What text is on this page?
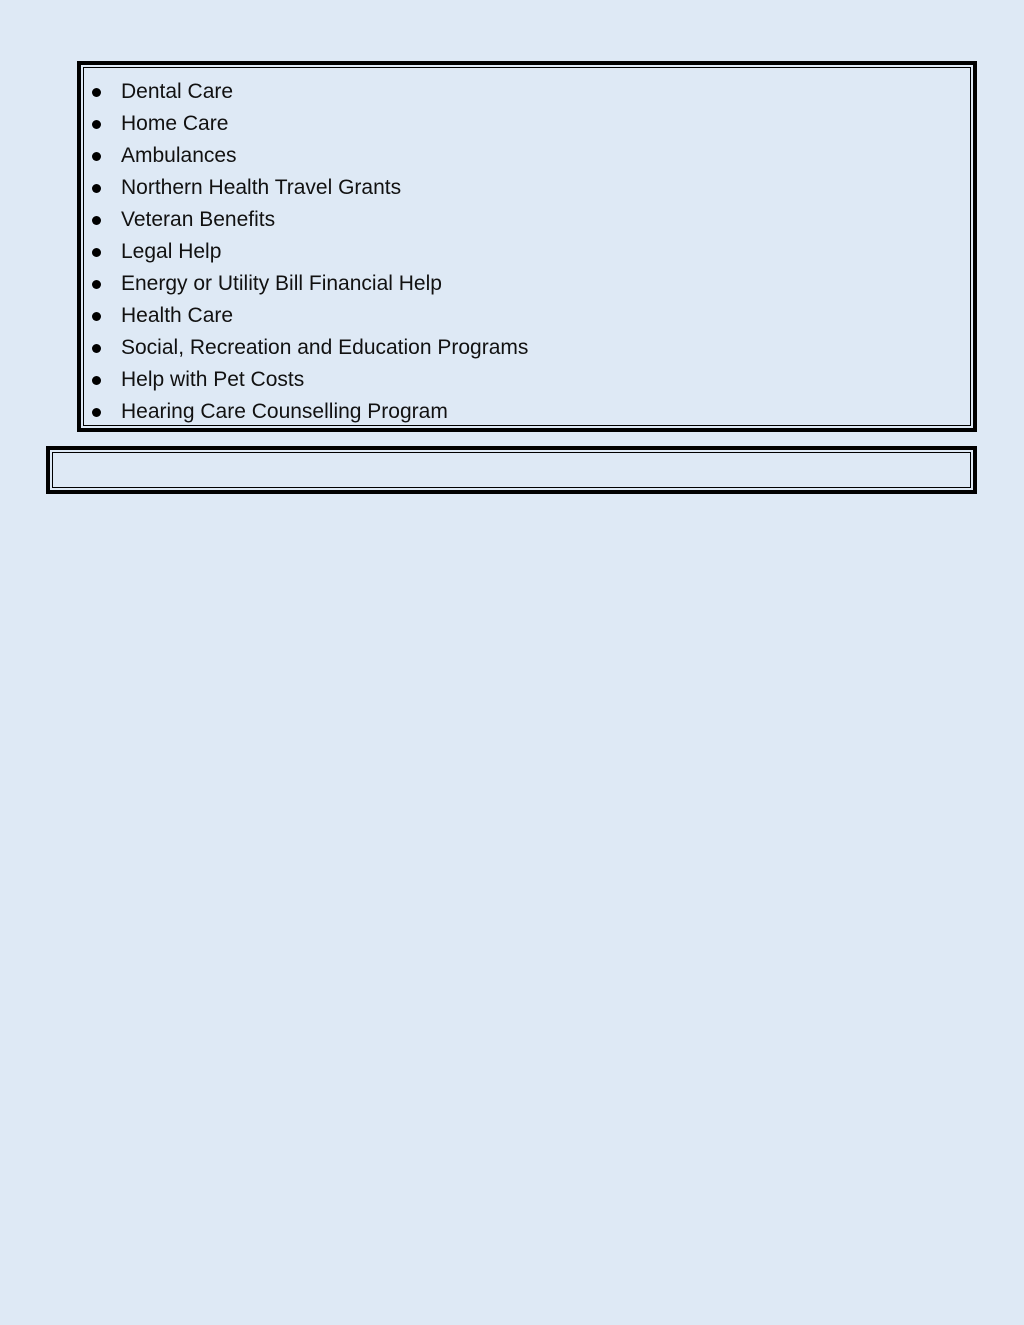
Dental Care
Home Care
Ambulances
Northern Health Travel Grants
Veteran Benefits
Legal Help
Energy or Utility Bill Financial Help
Health Care
Social, Recreation and Education Programs
Help with Pet Costs
Hearing Care Counselling Program
